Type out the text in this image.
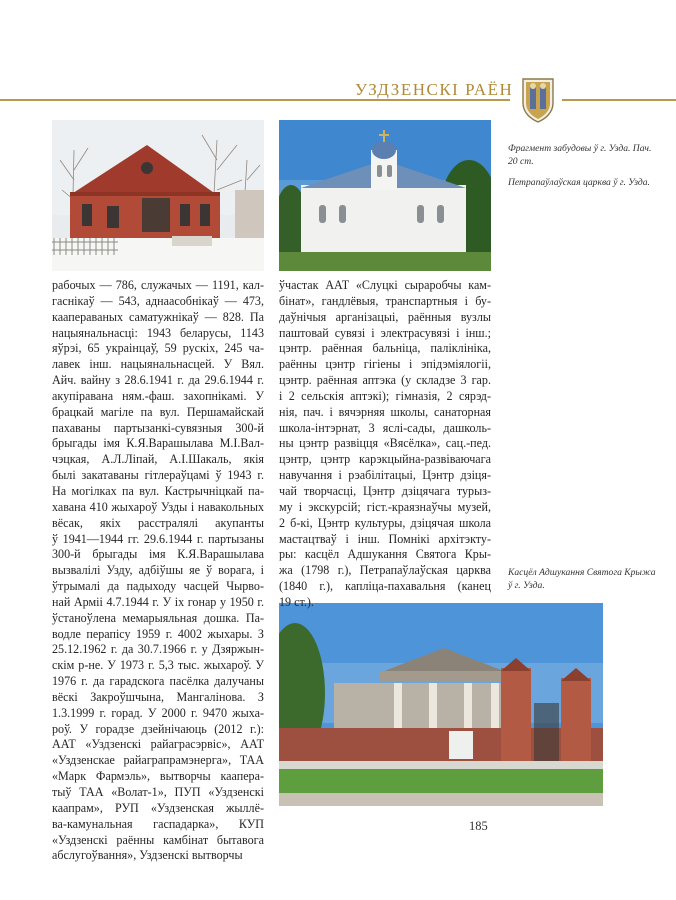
УЗДЗЕНСКІ РАЁН
Фрагмент забудовы ў г. Узда. Пач. 20 ст.
Петрапаўлаўская царква ў г. Узда.
Касцёл Адшукання Святога Крыжа ў г. Узда.
рабочых — 786, служачых — 1191, кал-
гаснікаў — 543, аднаасобнікаў — 473,
каапераваных саматужнікаў — 828. Па
нацыянальнасці: 1943 беларусы, 1143
яўрэі, 65 украінцаў, 59 рускіх, 245 ча-
лавек інш. нацыянальнасцей. У Вял.
Айч. вайну з 28.6.1941 г. да 29.6.1944 г.
акупіравана ням.-фаш. захопнікамі. У
брацкай магіле па вул. Першамайскай
пахаваны партызанкі-сувязныя 300-й
брыгады імя К.Я.Варашылава М.І.Вал-
чэцкая, А.Л.Ліпай, А.І.Шакаль, якія
былі закатаваны гітлераўцамі ў 1943 г.
На могілках па вул. Кастрычніцкай па-
хавана 410 жыхароў Узды і навакольных
вёсак, якіх расстралялі акупанты
ў 1941—1944 гг. 29.6.1944 г. партызаны
300-й брыгады імя К.Я.Варашылава
вызвалілі Узду, адбіўшы яе ў ворага, і
ўтрымалі да падыходу часцей Чырво-
най Арміі 4.7.1944 г. У іх гонар у 1950 г.
ўстаноўлена мемарыяльная дошка. Па-
водле перапісу 1959 г. 4002 жыхары. З
25.12.1962 г. да 30.7.1966 г. у Дзяржын-
скім р-не. У 1973 г. 5,3 тыс. жыхароў. У
1976 г. да гарадскога пасёлка далучаны
вёскі Закроўшчына, Мангалінова. З
1.3.1999 г. горад. У 2000 г. 9470 жыха-
роў. У горадзе дзейнічаюць (2012 г.):
ААТ «Уздзенскі райаграсэрвіс», ААТ
«Уздзенскае райаграпрамэнерга», ТАА
«Марк Фармэль», вытворчы каапера-
тыў ТАА «Волат-1», ПУП «Уздзенскі
каапрам», РУП «Уздзенская жыллё-
ва-камунальная гаспадарка», КУП
«Уздзенскі раённы камбінат бытавога
абслугоўвання», Уздзенскі вытворчы
ўчастак ААТ «Слуцкі сыраробчы кам-
бінат», гандлёвыя, транспартныя і бу-
даўнічыя арганізацыі, раённыя вузлы
паштовай сувязі і электрасувязі і інш.;
цэнтр. раённая бальніца, паліклініка,
раённы цэнтр гігіены і эпідэміялогіі,
цэнтр. раённая аптэка (у складзе 3 гар.
і 2 сельскія аптэкі); гімназія, 2 сярэд-
нія, пач. і вячэрняя школы, санаторная
школа-інтэрнат, 3 яслі-сады, дашколь-
ны цэнтр развіцця «Вясёлка», сац.-пед.
цэнтр, цэнтр карэкцыйна-развіваючага
навучання і рэабілітацыі, Цэнтр дзіця-
чай творчасці, Цэнтр дзіцячага турыз-
му і экскурсій; гіст.-краязнаўчы музей,
2 б-кі, Цэнтр культуры, дзіцячая школа
мастацтваў і інш. Помнікі архітэкту-
ры: касцёл Адшукання Святога Кры-
жа (1798 г.), Петрапаўлаўская царква
(1840 г.), капліца-пахавальня (канец
19 ст.).
185
